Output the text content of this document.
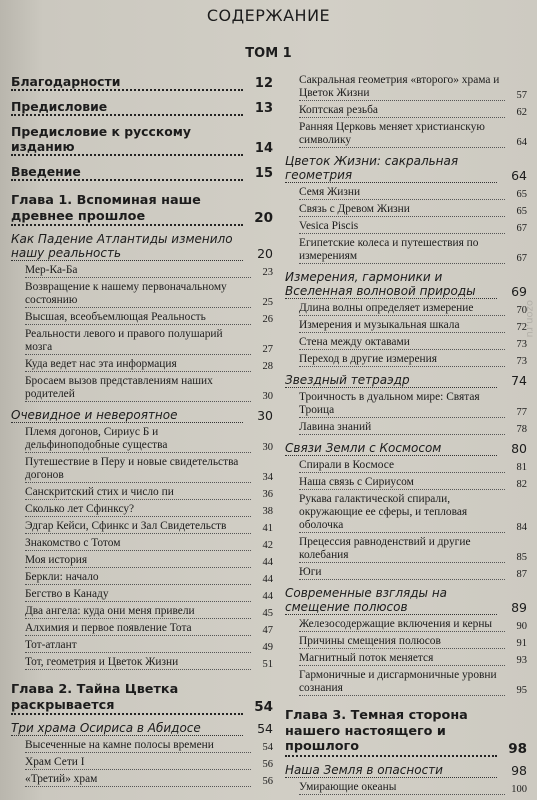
СОДЕРЖАНИЕ
ТОМ 1
Благодарности	12
Предисловие	13
Предисловие к русскому изданию	14
Введение	15
Глава 1. Вспоминая наше древнее прошлое	20
Как Падение Атлантиды изменило нашу реальность	20
Мер-Ка-Ба	23
Возвращение к нашему первоначальному состоянию	25
Высшая, всеобъемлющая Реальность	26
Реальности левого и правого полушарий мозга	27
Куда ведет нас эта информация	28
Бросаем вызов представлениям наших родителей	30
Очевидное и невероятное	30
Племя догонов, Сириус Б и дельфиноподобные существа	30
Путешествие в Перу и новые свидетельства догонов	34
Санскритский стих и число пи	36
Сколько лет Сфинксу?	38
Эдгар Кейси, Сфинкс и Зал Свидетельств	41
Знакомство с Тотом	42
Моя история	44
Беркли: начало	44
Бегство в Канаду	44
Два ангела: куда они меня привели	45
Алхимия и первое появление Тота	47
Тот-атлант	49
Тот, геометрия и Цветок Жизни	51
Глава 2. Тайна Цветка раскрывается	54
Три храма Осириса в Абидосе	54
Высеченные на камне полосы времени	54
Храм Сети I	56
«Третий» храм	56
Сакральная геометрия «второго» храма и Цветок Жизни	57
Коптская резьба	62
Ранняя Церковь меняет христианскую символику	64
Цветок Жизни: сакральная геометрия	64
Семя Жизни	65
Связь с Древом Жизни	65
Vesica Piscis	67
Египетские колеса и путешествия по измерениям	67
Измерения, гармоники и Вселенная волновой природы	69
Длина волны определяет измерение	70
Измерения и музыкальная шкала	72
Стена между октавами	73
Переход в другие измерения	73
Звездный тетраэдр	74
Троичность в дуальном мире: Святая Троица	77
Лавина знаний	78
Связи Земли с Космосом	80
Спирали в Космосе	81
Наша связь с Сириусом	82
Рукава галактической спирали, окружающие ее сферы, и тепловая оболочка	84
Прецессия равноденствий и другие колебания	85
Юги	87
Современные взгляды на смещение полюсов	89
Железосодержащие включения и керны	90
Причины смещения полюсов	91
Магнитный поток меняется	93
Гармоничные и дисгармоничные уровни сознания	95
Глава 3. Темная сторона нашего настоящего и прошлого	98
Наша Земля в опасности	98
Умирающие океаны	100
ozon.ru
